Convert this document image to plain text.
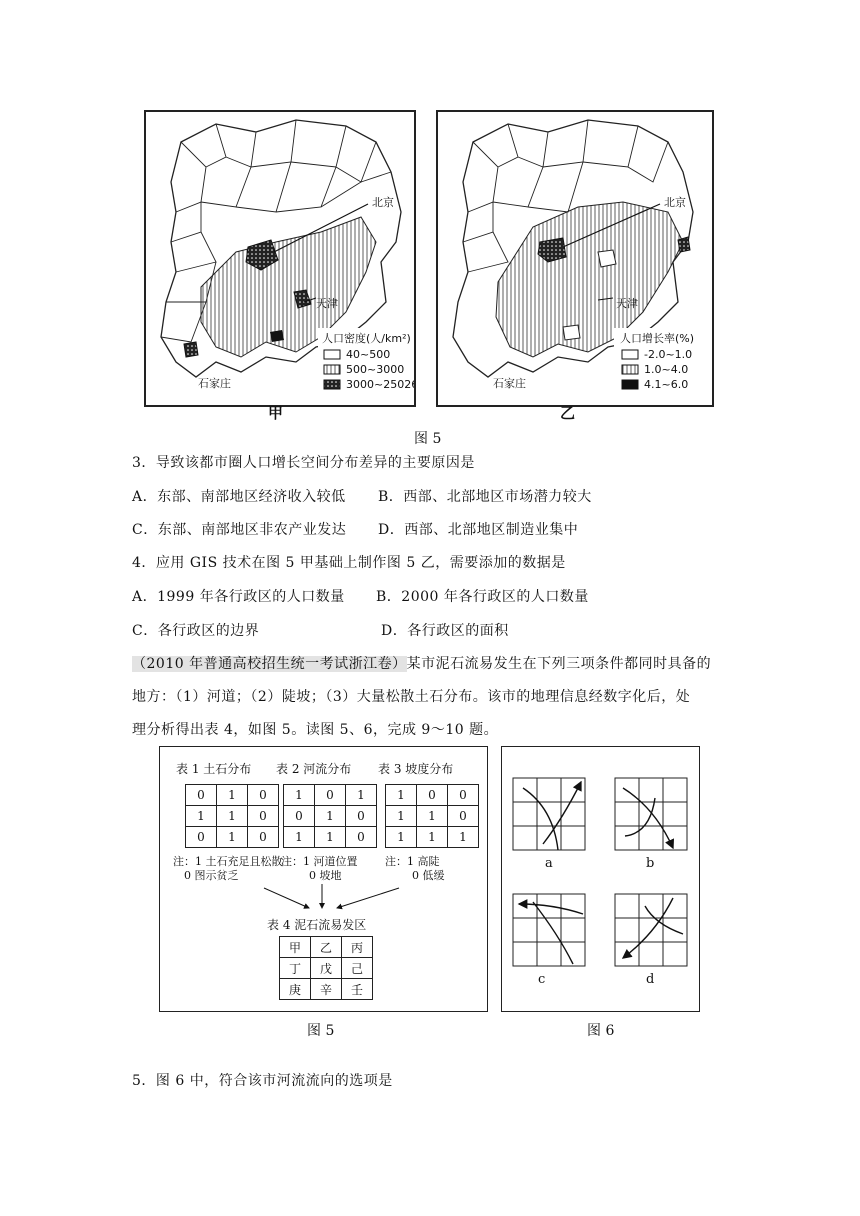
北京
天津
石家庄
人口密度(人/km²)
40~500
500~3000
3000~25026
甲
北京
天津
石家庄
人口增长率(%)
-2.0~1.0
1.0~4.0
4.1~6.0
乙
图 5
3．导致该都市圈人口增长空间分布差异的主要原因是
A．东部、南部地区经济收入较低 B．西部、北部地区市场潜力较大
C．东部、南部地区非农产业发达 D．西部、北部地区制造业集中
4．应用 GIS 技术在图 5 甲基础上制作图 5 乙，需要添加的数据是
A．1999 年各行政区的人口数量 B．2000 年各行政区的人口数量
C．各行政区的边界	D．各行政区的面积
（2010 年普通高校招生统一考试浙江卷）某市泥石流易发生在下列三项条件都同时具备的
地方：（1）河道；（2）陡坡；（3）大量松散土石分布。该市的地理信息经数字化后，处
理分析得出表 4，如图 5。读图 5、6，完成 9～10 题。
表 1 土石分布
0	1	0
1	1	0
0	1	0
注：1 土石充足且松散
0 图示贫乏
表 2 河流分布
1	0	1
0	1	0
1	1	0
注：1 河道位置
0 坡地
表 3 坡度分布
1	0	0
1	1	0
1	1	1
注：1 高陡
0 低缓
表 4 泥石流易发区
甲	乙	丙
丁	戊	己
庚	辛	壬
图 5
a	b
c	d
图 6
5．图 6 中，符合该市河流流向的选项是
